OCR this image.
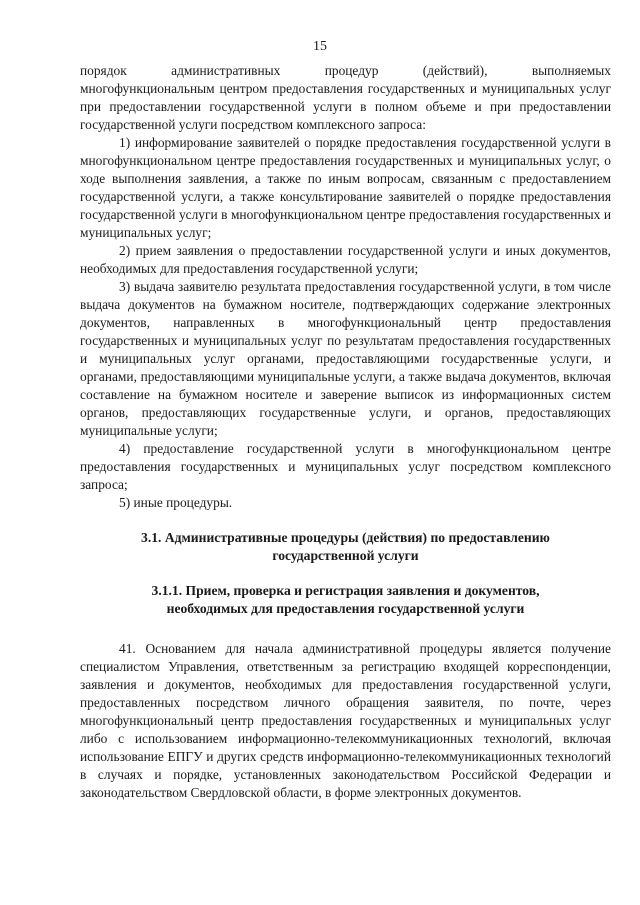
15
порядок	административных	процедур	(действий),	выполняемых

многофункциональным центром предоставления государственных и муниципальных услуг при предоставлении государственной услуги в полном объеме и при предоставлении государственной услуги посредством комплексного запроса:

1) информирование заявителей о порядке предоставления государственной услуги в многофункциональном центре предоставления государственных и муниципальных услуг, о ходе выполнения заявления, а также по иным вопросам, связанным с предоставлением государственной услуги, а также консультирование заявителей о порядке предоставления государственной услуги в многофункциональном центре предоставления государственных и муниципальных услуг;

2) прием заявления о предоставлении государственной услуги и иных документов, необходимых для предоставления государственной услуги;

3) выдача заявителю результата предоставления государственной услуги, в том числе выдача документов на бумажном носителе, подтверждающих содержание электронных документов, направленных в многофункциональный центр предоставления государственных и муниципальных услуг по результатам предоставления государственных и муниципальных услуг органами, предоставляющими государственные услуги, и органами, предоставляющими муниципальные услуги, а также выдача документов, включая составление на бумажном носителе и заверение выписок из информационных систем органов, предоставляющих государственные услуги, и органов, предоставляющих муниципальные услуги;

4) предоставление государственной услуги в многофункциональном центре предоставления государственных и муниципальных услуг посредством комплексного запроса;

5) иные процедуры.

3.1. Административные процедуры (действия) по предоставлению
государственной услуги
3.1.1. Прием, проверка и регистрация заявления и документов,
необходимых для предоставления государственной услуги

41. Основанием для начала административной процедуры является получение специалистом Управления, ответственным за регистрацию входящей корреспонденции, заявления и документов, необходимых для предоставления государственной услуги, предоставленных посредством личного обращения заявителя, по почте, через многофункциональный центр предоставления государственных и муниципальных услуг либо с использованием информационно-телекоммуникационных технологий, включая использование ЕПГУ и других средств информационно-телекоммуникационных технологий в случаях и порядке, установленных законодательством Российской Федерации и законодательством Свердловской области, в форме электронных документов.
